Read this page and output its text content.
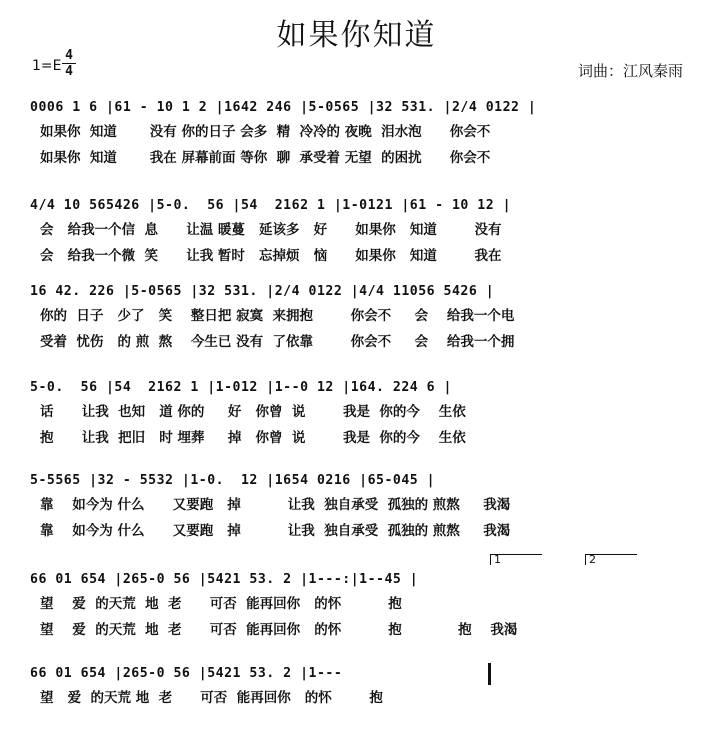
如果你知道
1=E
4
4	词曲：江风秦雨
0006 1 6 |61 - 10 1 2 |1642 246 |5-0565 |32 531. |2/4 0122 |
如果你  知道       没有 你的日子 会多  精  冷冷的 夜晚  泪水泡      你会不
如果你  知道       我在 屏幕前面 等你  聊  承受着 无望  的困扰      你会不
4/4 10 565426 |5-0.  56 |54  2162 1 |1-0121 |61 - 10 12 |
会   给我一个信  息      让温 暖蔓   延该多   好      如果你   知道        没有
会   给我一个微  笑      让我 暂时   忘掉烦   恼      如果你   知道        我在
16 42. 226 |5-0565 |32 531. |2/4 0122 |4/4 11056 5426 |
你的  日子   少了   笑    整日把 寂寞  来拥抱        你会不     会    给我一个电
受着  忧伤   的 煎  熬    今生已 没有  了依靠        你会不     会    给我一个拥
5-0.  56 |54  2162 1 |1-012 |1--0 12 |164. 224 6 |
话      让我  也知   道 你的     好   你曾  说        我是  你的今    生依
抱      让我  把旧   时 埋葬     掉   你曾  说        我是  你的今    生依
5-5565 |32 - 5532 |1-0.  12 |1654 0216 |65-045 |
靠    如今为 什么      又要跑   掉          让我  独自承受  孤独的 煎熬     我渴
靠    如今为 什么      又要跑   掉          让我  独自承受  孤独的 煎熬     我渴
1	2
66 01 654 |265-0 56 |5421 53. 2 |1---:|1--45 |
望    爱  的天荒  地  老      可否  能再回你   的怀          抱
望    爱  的天荒  地  老      可否  能再回你   的怀          抱            抱    我渴
66 01 654 |265-0 56 |5421 53. 2 |1---
望   爱  的天荒 地  老      可否  能再回你   的怀        抱
